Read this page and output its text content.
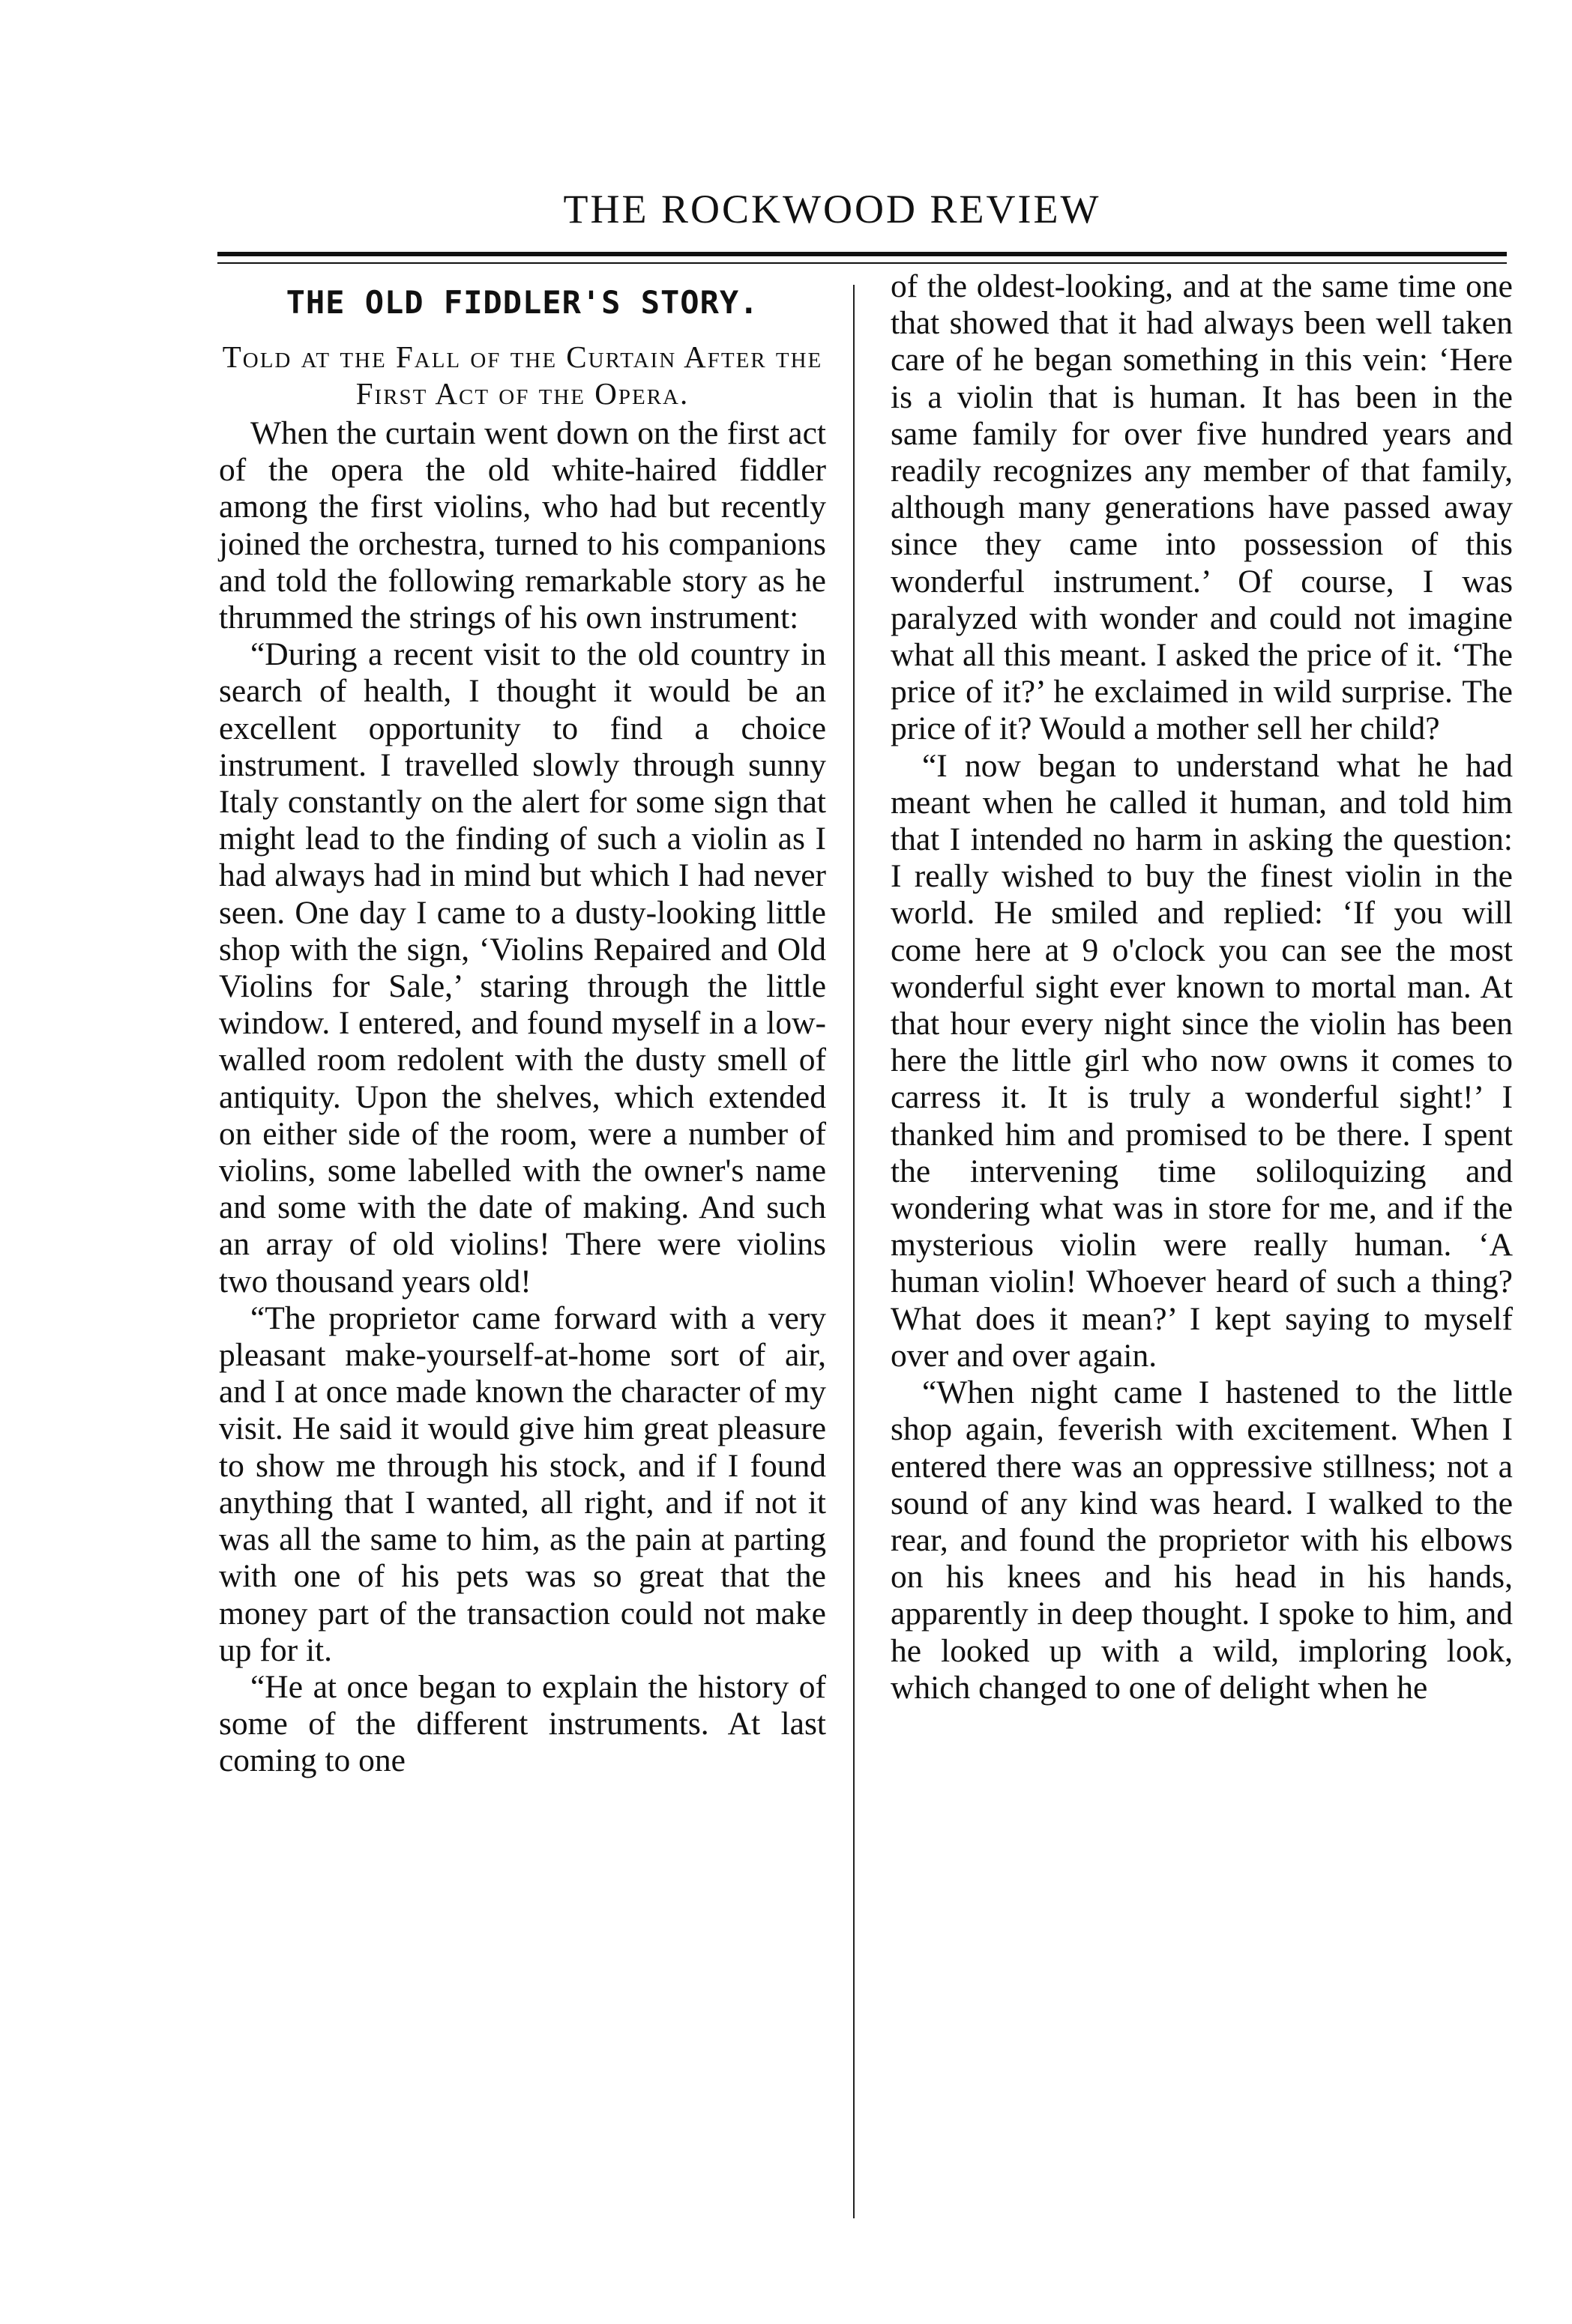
THE ROCKWOOD REVIEW
THE OLD FIDDLER'S STORY.
Told at the Fall of the Curtain After the First Act of the Opera.

When the curtain went down on the first act of the opera the old white-haired fiddler among the first violins, who had but recently joined the orchestra, turned to his companions and told the following remarkable story as he thrummed the strings of his own instrument:

“During a recent visit to the old country in search of health, I thought it would be an excellent opportunity to find a choice instrument. I travelled slowly through sunny Italy constantly on the alert for some sign that might lead to the finding of such a violin as I had always had in mind but which I had never seen. One day I came to a dusty-looking little shop with the sign, ‘Violins Repaired and Old Violins for Sale,’ staring through the little window. I entered, and found myself in a low-walled room redolent with the dusty smell of antiquity. Upon the shelves, which extended on either side of the room, were a number of violins, some labelled with the owner's name and some with the date of making. And such an array of old violins! There were violins two thousand years old!

“The proprietor came forward with a very pleasant make-yourself-at-home sort of air, and I at once made known the character of my visit. He said it would give him great pleasure to show me through his stock, and if I found anything that I wanted, all right, and if not it was all the same to him, as the pain at parting with one of his pets was so great that the money part of the transaction could not make up for it.

“He at once began to explain the history of some of the different instruments. At last coming to one

of the oldest-looking, and at the same time one that showed that it had always been well taken care of he began something in this vein: ‘Here is a violin that is human. It has been in the same family for over five hundred years and readily recognizes any member of that family, although many generations have passed away since they came into possession of this wonderful instrument.’ Of course, I was paralyzed with wonder and could not imagine what all this meant. I asked the price of it. ‘The price of it?’ he exclaimed in wild surprise. The price of it? Would a mother sell her child?

“I now began to understand what he had meant when he called it human, and told him that I intended no harm in asking the question: I really wished to buy the finest violin in the world. He smiled and replied: ‘If you will come here at 9 o'clock you can see the most wonderful sight ever known to mortal man. At that hour every night since the violin has been here the little girl who now owns it comes to carress it. It is truly a wonderful sight!’ I thanked him and promised to be there. I spent the intervening time soliloquizing and wondering what was in store for me, and if the mysterious violin were really human. ‘A human violin! Whoever heard of such a thing? What does it mean?’ I kept saying to myself over and over again.

“When night came I hastened to the little shop again, feverish with excitement. When I entered there was an oppressive stillness; not a sound of any kind was heard. I walked to the rear, and found the proprietor with his elbows on his knees and his head in his hands, apparently in deep thought. I spoke to him, and he looked up with a wild, imploring look, which changed to one of delight when he
